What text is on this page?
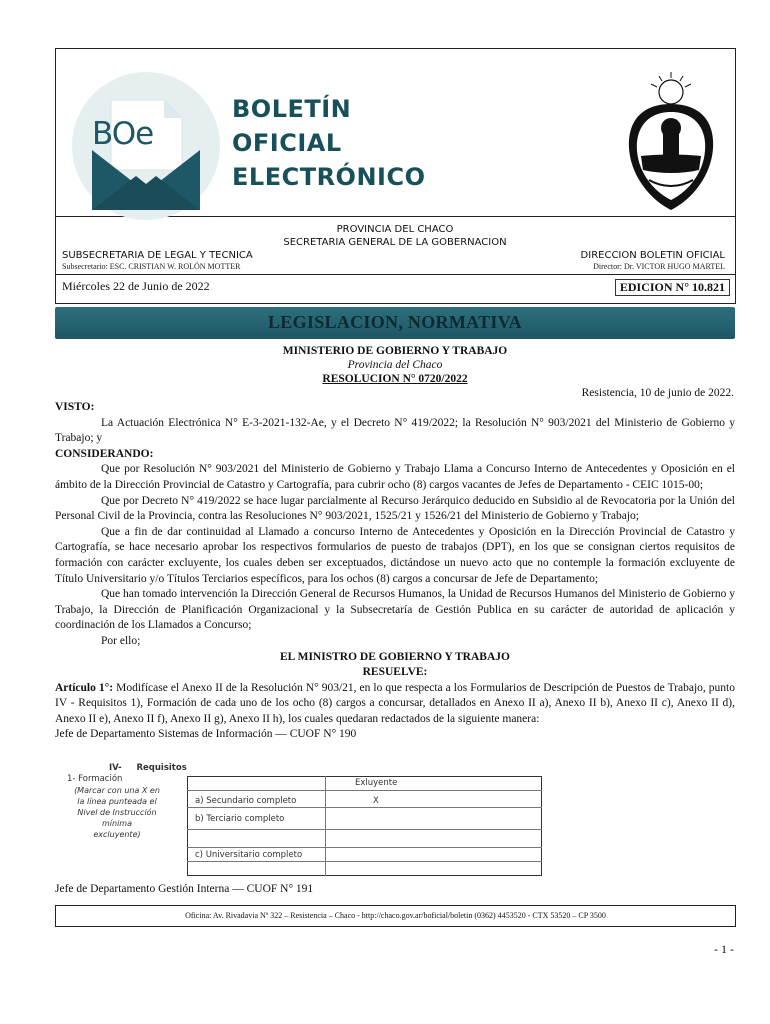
BOe
BOLETÍN
OFICIAL
ELECTRÓNICO
PROVINCIA DEL CHACO
SECRETARIA GENERAL DE LA GOBERNACION
SUBSECRETARIA DE LEGAL Y TECNICA
Subsecretario: ESC. CRISTIAN W. ROLÓN MOTTER
DIRECCION BOLETIN OFICIAL
Director: Dr. VICTOR HUGO MARTEL
Miércoles 22 de Junio de 2022	EDICION N° 10.821
LEGISLACION, NORMATIVA
MINISTERIO DE GOBIERNO Y TRABAJO
Provincia del Chaco
RESOLUCION N° 0720/2022
Resistencia, 10 de junio de 2022.

VISTO:

La Actuación Electrónica N° E-3-2021-132-Ae, y el Decreto N° 419/2022; la Resolución N° 903/2021 del Ministerio de Gobierno y Trabajo; y

CONSIDERANDO:

Que por Resolución N° 903/2021 del Ministerio de Gobierno y Trabajo Llama a Concurso Interno de Antecedentes y Oposición en el ámbito de la Dirección Provincial de Catastro y Cartografía, para cubrir ocho (8) cargos vacantes de Jefes de Departamento - CEIC 1015-00;

Que por Decreto N° 419/2022 se hace lugar parcialmente al Recurso Jerárquico deducido en Subsidio al de Revocatoria por la Unión del Personal Civil de la Provincia, contra las Resoluciones N° 903/2021, 1525/21 y 1526/21 del Ministerio de Gobierno y Trabajo;

Que a fin de dar continuidad al Llamado a concurso Interno de Antecedentes y Oposición en la Dirección Provincial de Catastro y Cartografía, se hace necesario aprobar los respectivos formularios de puesto de trabajos (DPT), en los que se consignan ciertos requisitos de formación con carácter excluyente, los cuales deben ser exceptuados, dictándose un nuevo acto que no contemple la formación excluyente de Título Universitario y/o Títulos Terciarios específicos, para los ochos (8) cargos a concursar de Jefe de Departamento;

Que han tomado intervención la Dirección General de Recursos Humanos, la Unidad de Recursos Humanos del Ministerio de Gobierno y Trabajo, la Dirección de Planificación Organizacional y la Subsecretaría de Gestión Publica en su carácter de autoridad de aplicación y coordinación de los Llamados a Concurso;

Por ello;

EL MINISTRO DE GOBIERNO Y TRABAJO

RESUELVE:

Artículo 1°: Modifícase el Anexo II de la Resolución N° 903/21, en lo que respecta a los Formularios de Descripción de Puestos de Trabajo, punto IV - Requisitos 1), Formación de cada uno de los ocho (8) cargos a concursar, detallados en Anexo II a), Anexo II b), Anexo II c), Anexo II d), Anexo II e), Anexo II f), Anexo II g), Anexo II h), los cuales quedaran redactados de la siguiente manera:

Jefe de Departamento Sistemas de Información — CUOF N° 190

IV- Requisitos
1- Formación
(Marcar con una X en
la línea punteada el
Nivel de Instrucción
mínima
excluyente)
Exluyente
a) Secundario completo	X
b) Terciario completo
c) Universitario completo
Jefe de Departamento Gestión Interna — CUOF N° 191
Oficina: Av. Rivadavia Nº 322 – Resistencia – Chaco - http://chaco.gov.ar/boficial/boletin (0362) 4453520 - CTX 53520 – CP 3500
- 1 -
